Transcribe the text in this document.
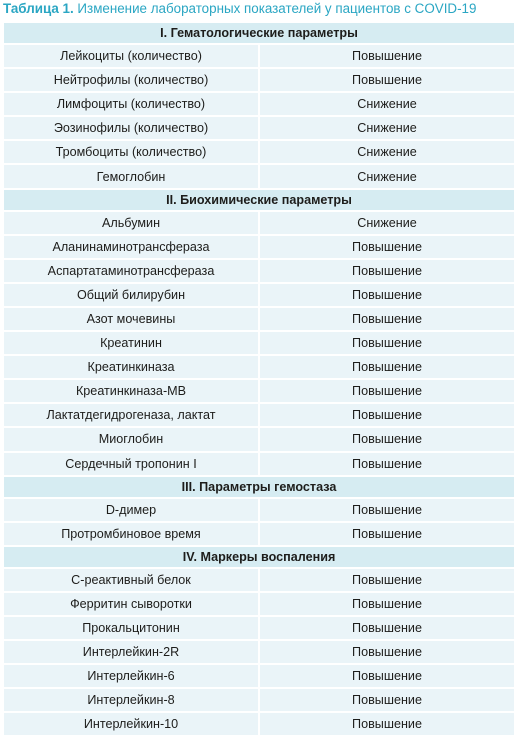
Таблица 1. Изменение лабораторных показателей у пациентов с COVID-19
I. Гематологические параметры	
Лейкоциты (количество)	Повышение
Нейтрофилы (количество)	Повышение
Лимфоциты (количество)	Снижение
Эозинофилы (количество)	Снижение
Тромбоциты (количество)	Снижение
Гемоглобин	Снижение
II. Биохимические параметры	
Альбумин	Снижение
Аланинаминотрансфераза	Повышение
Аспартатаминотрансфераза	Повышение
Общий билирубин	Повышение
Азот мочевины	Повышение
Креатинин	Повышение
Креатинкиназа	Повышение
Креатинкиназа-MB	Повышение
Лактатдегидрогеназа, лактат	Повышение
Миоглобин	Повышение
Сердечный тропонин I	Повышение
III. Параметры гемостаза	
D-димер	Повышение
Протромбиновое время	Повышение
IV. Маркеры воспаления	
С-реактивный белок	Повышение
Ферритин сыворотки	Повышение
Прокальцитонин	Повышение
Интерлейкин-2R	Повышение
Интерлейкин-6	Повышение
Интерлейкин-8	Повышение
Интерлейкин-10	Повышение
